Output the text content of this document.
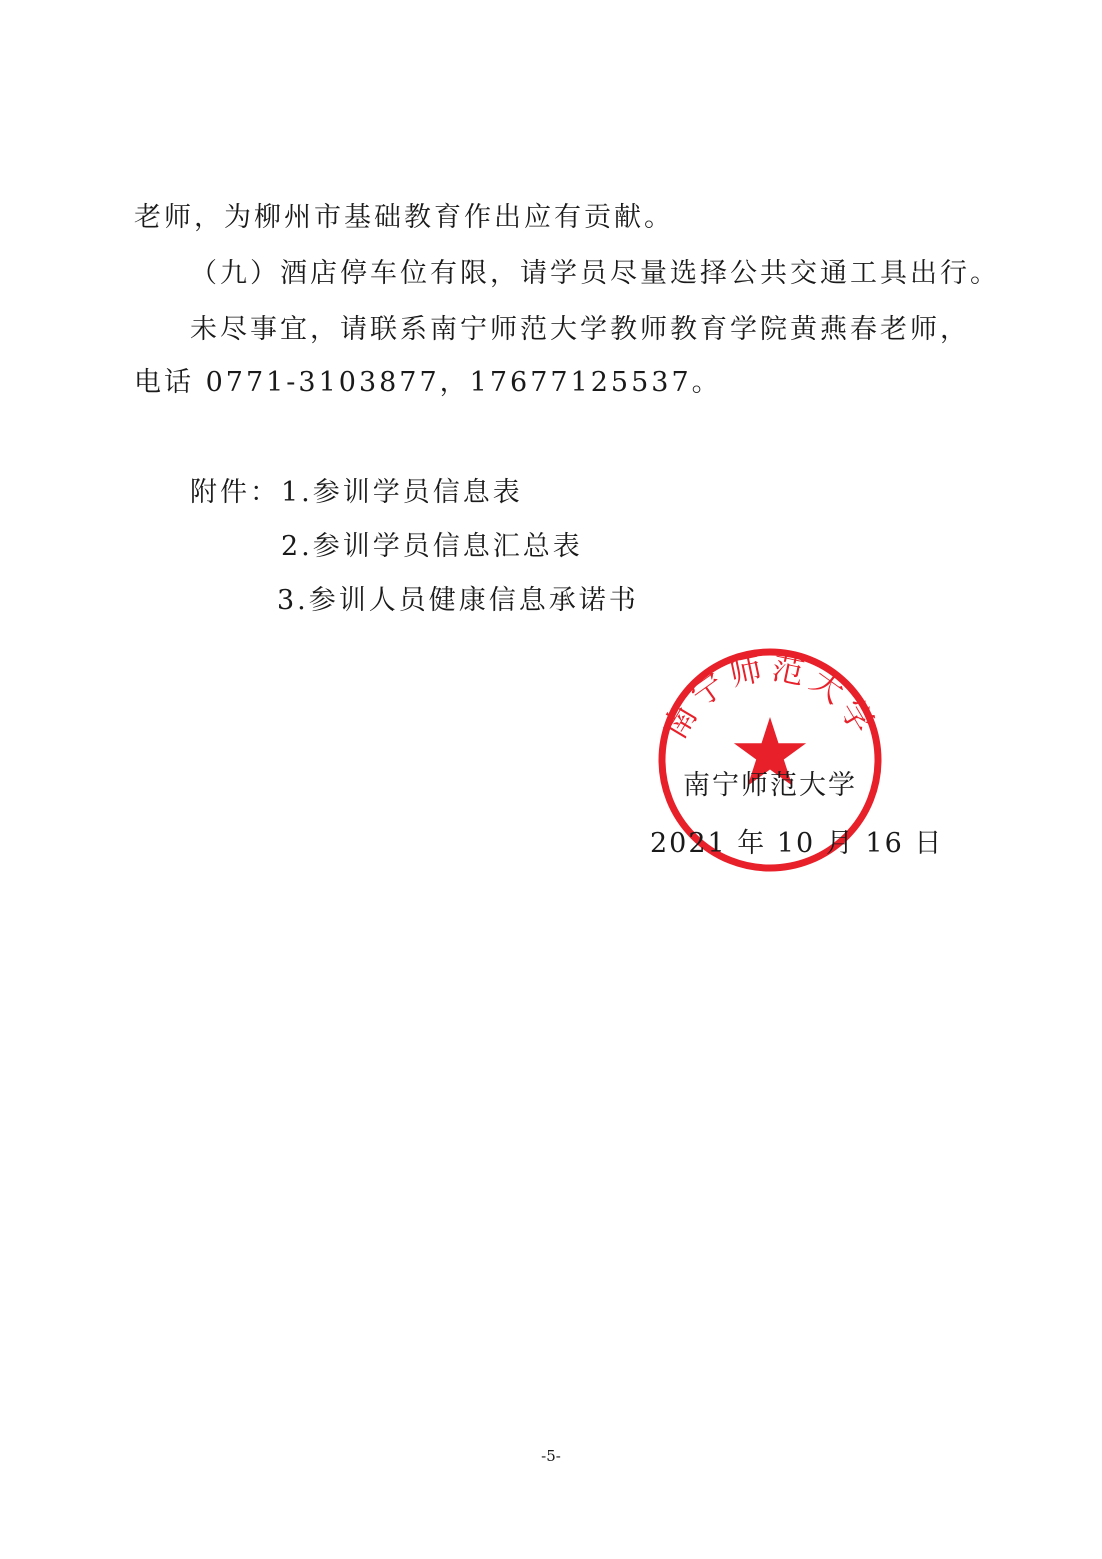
老师，为柳州市基础教育作出应有贡献。
（九）酒店停车位有限，请学员尽量选择公共交通工具出行。
未尽事宜，请联系南宁师范大学教师教育学院黄燕春老师，
电话 0771-3103877，17677125537。
附件： 1.参训学员信息表
2.参训学员信息汇总表
3.参训人员健康信息承诺书
南宁师范大学
南宁师范大学
2021 年 10 月 16 日
-5-
